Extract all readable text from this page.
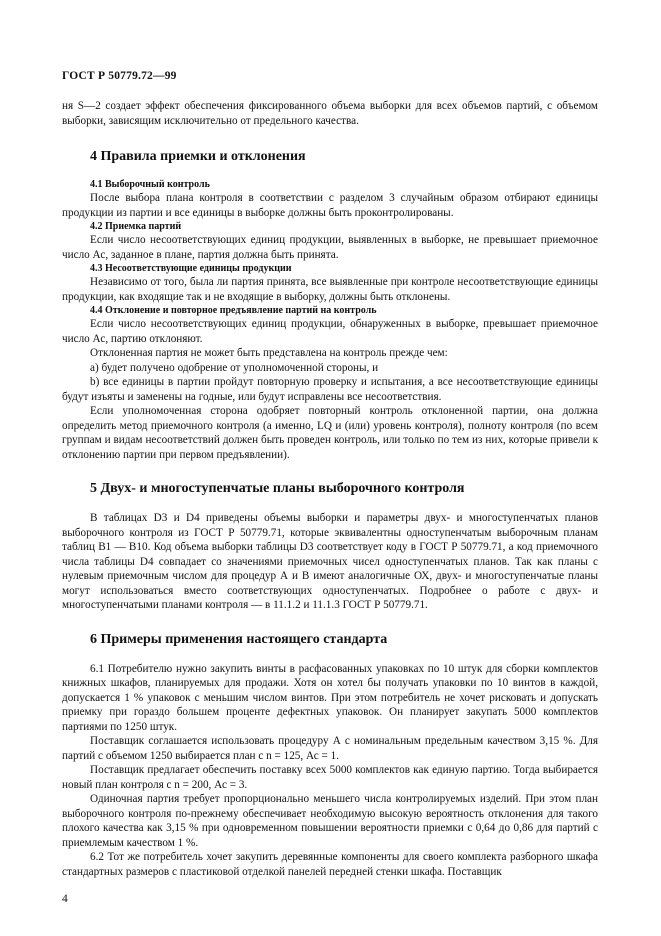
ГОСТ Р 50779.72—99

ня S—2 создает эффект обеспечения фиксированного объема выборки для всех объемов партий, с объемом выборки, зависящим исключительно от предельного качества.

4 Правила приемки и отклонения
4.1 Выборочный контроль

После выбора плана контроля в соответствии с разделом 3 случайным образом отбирают единицы продукции из партии и все единицы в выборке должны быть проконтролированы.

4.2 Приемка партий

Если число несоответствующих единиц продукции, выявленных в выборке, не превышает приемочное число Ас, заданное в плане, партия должна быть принята.

4.3 Несоответствующие единицы продукции

Независимо от того, была ли партия принята, все выявленные при контроле несоответствующие единицы продукции, как входящие так и не входящие в выборку, должны быть отклонены.

4.4 Отклонение и повторное предъявление партий на контроль

Если число несоответствующих единиц продукции, обнаруженных в выборке, превышает приемочное число Ас, партию отклоняют.

Отклоненная партия не может быть представлена на контроль прежде чем:

а) будет получено одобрение от уполномоченной стороны, и

b) все единицы в партии пройдут повторную проверку и испытания, а все несоответствующие единицы будут изъяты и заменены на годные, или будут исправлены все несоответствия.

Если уполномоченная сторона одобряет повторный контроль отклоненной партии, она должна определить метод приемочного контроля (а именно, LQ и (или) уровень контроля), полноту контроля (по всем группам и видам несоответствий должен быть проведен контроль, или только по тем из них, которые привели к отклонению партии при первом предъявлении).

5 Двух- и многоступенчатые планы выборочного контроля

В таблицах D3 и D4 приведены объемы выборки и параметры двух- и многоступенчатых планов выборочного контроля из ГОСТ Р 50779.71, которые эквивалентны одноступенчатым выборочным планам таблиц В1 — В10. Код объема выборки таблицы D3 соответствует коду в ГОСТ Р 50779.71, а код приемочного числа таблицы D4 совпадает со значениями приемочных чисел одноступенчатых планов. Так как планы с нулевым приемочным числом для процедур А и В имеют аналогичные ОХ, двух- и многоступенчатые планы могут использоваться вместо соответствующих одноступенчатых. Подробнее о работе с двух- и многоступенчатыми планами контроля — в 11.1.2 и 11.1.3 ГОСТ Р 50779.71.

6 Примеры применения настоящего стандарта

6.1 Потребителю нужно закупить винты в расфасованных упаковках по 10 штук для сборки комплектов книжных шкафов, планируемых для продажи. Хотя он хотел бы получать упаковки по 10 винтов в каждой, допускается 1 % упаковок с меньшим числом винтов. При этом потребитель не хочет рисковать и допускать приемку при гораздо большем проценте дефектных упаковок. Он планирует закупать 5000 комплектов партиями по 1250 штук.

Поставщик соглашается использовать процедуру А с номинальным предельным качеством 3,15 %. Для партий с объемом 1250 выбирается план с n = 125, Ас = 1.

Поставщик предлагает обеспечить поставку всех 5000 комплектов как единую партию. Тогда выбирается новый план контроля с n = 200, Ас = 3.

Одиночная партия требует пропорционально меньшего числа контролируемых изделий. При этом план выборочного контроля по-прежнему обеспечивает необходимую высокую вероятность отклонения для такого плохого качества как 3,15 % при одновременном повышении вероятности приемки с 0,64 до 0,86 для партий с приемлемым качеством 1 %.

6.2 Тот же потребитель хочет закупить деревянные компоненты для своего комплекта разборного шкафа стандартных размеров с пластиковой отделкой панелей передней стенки шкафа. Поставщик

4
